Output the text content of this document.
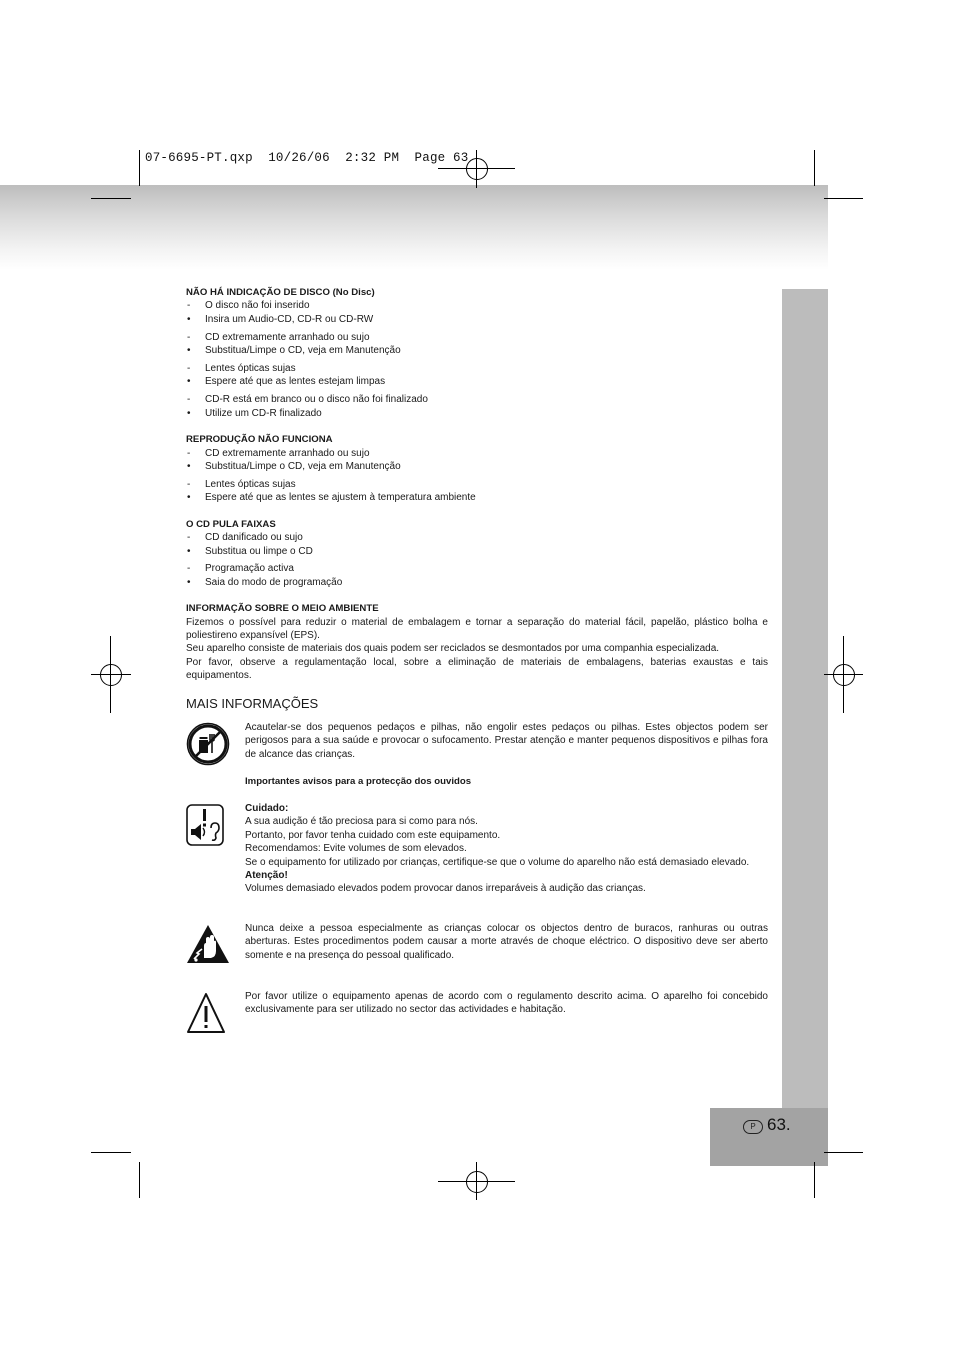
07-6695-PT.qxp  10/26/06  2:32 PM  Page 63
P 63.

NÃO HÁ INDICAÇÃO DE DISCO (No Disc)

- O disco não foi inserido

• Insira um Audio-CD, CD-R ou CD-RW

- CD extremamente arranhado ou sujo

• Substitua/Limpe o CD, veja em Manutenção

- Lentes ópticas sujas

• Espere até que as lentes estejam limpas

- CD-R está em branco ou o disco não foi finalizado

• Utilize um CD-R finalizado

REPRODUÇÃO NÃO FUNCIONA

- CD extremamente arranhado ou sujo

• Substitua/Limpe o CD, veja em Manutenção

- Lentes ópticas sujas

• Espere até que as lentes se ajustem à temperatura ambiente

O CD PULA FAIXAS

- CD danificado ou sujo

• Substitua ou limpe o CD

- Programação activa

• Saia do modo de programação

INFORMAÇÃO SOBRE O MEIO AMBIENTE

Fizemos o possível para reduzir o material de embalagem e tornar a separação do material fácil, papelão, plástico bolha e poliestireno expansível (EPS).

Seu aparelho consiste de materiais dos quais podem ser reciclados se desmontados por uma companhia especializada.

Por favor, observe a regulamentação local, sobre a eliminação de materiais de embalagens, baterias exaustas e tais equipamentos.

MAIS INFORMAÇÕES

Acautelar-se dos pequenos pedaços e pilhas, não engolir estes pedaços ou pilhas. Estes objectos podem ser perigosos para a sua saúde e provocar o sufocamento. Prestar atenção e manter pequenos dispositivos e pilhas fora de alcance das crianças.

Importantes avisos para a protecção dos ouvidos

Cuidado:

A sua audição é tão preciosa para si como para nós.

Portanto, por favor tenha cuidado com este equipamento.

Recomendamos: Evite volumes de som elevados.

Se o equipamento for utilizado por crianças, certifique-se que o volume do aparelho não está demasiado elevado.

Atenção!

Volumes demasiado elevados podem provocar danos irreparáveis à audição das crianças.

Nunca deixe a pessoa especialmente as crianças colocar os objectos dentro de buracos, ranhuras ou outras aberturas. Estes procedimentos podem causar a morte através de choque eléctrico. O dispositivo deve ser aberto somente e na presença do pessoal qualificado.

Por favor utilize o equipamento apenas de acordo com o regulamento descrito acima. O aparelho foi concebido exclusivamente para ser utilizado no sector das actividades e habitação.
